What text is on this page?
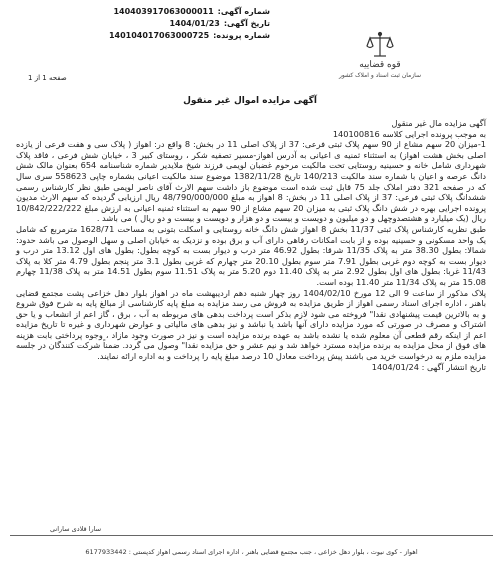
شماره آگهی:
140403917063000011
تاریخ آگهی:
1404/01/23
شماره پرونده:
140104017063000725
صفحه 1 از 1
قوه قضاییه
سازمان ثبت اسناد و املاک کشور
آگهی مزایده اموال غیر منقول

آگهی مزایده مال غیر منقول

به موجب پرونده اجرایی کلاسه 140100816

1-میزان 20 سهم مشاع از 90 سهم پلاک ثبتی فرعی: 37 از پلاک اصلی 11 در بخش: 8 واقع در: اهواز ( پلاک سی و هفت فرعی از یازده اصلی بخش هشت اهواز) به استثناء ثمنیه ی اعیانی به آدرس اهواز-مسیر تصفیه شکر ، روستای کبیر 3 ، خیابان شش فرعی ، فاقد پلاک شهرداری شامل خانه و حسینیه روستایی تحت مالکیت مرحوم غضبان لویمی فرزند شیخ ملایدیر شماره شناسنامه 654 بعنوان مالک شش دانگ عرصه و اعیان با شماره سند مالکیت 140/213 تاریخ 1382/11/28 موضوع سند مالکیت اعیانی بشماره چاپی 558623 سری سال که در صفحه 321 دفتر املاک جلد 75 قابل ثبت شده است موضوع باز داشت سهم الارث آقای ناصر لویمی طبق نظر کارشناس رسمی ششدانگ پلاک ثبتی فرعی: 37 از پلاک اصلی 11 در بخش: 8 اهواز به مبلغ 48/790/000/000 ریال ارزیابی گردیده که سهم الارث مدیون پرونده اجرایی بهره در شش دانگ پلاک ثبتی به میزان 20 سهم مشاع از 90 سهم به استثناء ثمنیه اعیانی به ارزش مبلغ 10/842/222/222 ریال (یک میلیارد و هشتصدوچهل و دو میلیون و دویست و بیست و دو هزار و دویست و بیست و دو ریال ) می باشد .

طبق نظریه کارشناس پلاک ثبتی 11/37 بخش 8 اهواز شش دانگ خانه روستایی و اسکلت بتونی به مساحت 1628/71 مترمربع که شامل یک واحد مسکونی و حسینیه بوده و از بابت امکانات رفاهی دارای آب و برق بوده و نزدیک به خیابان اصلی و سهل الوصول می باشد حدود: شمالا: بطول 38.30 متر به پلاک 11/35 شرقا: بطول 46.92 متر درب و دیوار بست به کوچه بطول: بطول های اول 13.12 متر درب و دیوار بست به کوچه دوم غربی بطول 7.91 متر سوم بطول 20.10 متر چهارم که غربی بطول 3.1 متر پنجم بطول 4.79 متر کلا به پلاک 11/43 غربا: بطول های اول بطول 2.92 متر به پلاک 11.40 دوم 5.20 متر به پلاک 11.51 سوم بطول 14.51 متر به پلاک 11/38 چهارم 15.08 متر به پلاک 11/34 متر 11.40 بوده است.

پلاک مذکور از ساعت 9 الی 12 مورخ 1404/02/10 روز چهار شنبه دهم اردیبهشت ماه در اهواز بلوار دهل خزاعی پشت مجتمع قضایی باهنر ، اداره اجرای اسناد رسمی اهواز از طریق مزایده به فروش می رسد مزایده به مبلغ پایه کارشناسی از مبالغ پایه به شرح فوق شروع و به بالاترین قیمت پیشنهادی نقدا" فروخته می شود لازم بذکر است پرداخت بدهی های مربوطه به آب ، برق ، گاز اعم از انشعاب و یا حق اشتراک و مصرف در صورتی که مورد مزایده دارای آنها باشد یا نباشد و نیز بدهی های مالیاتی و عوارض شهرداری و غیره تا تاریخ مزایده اعم از اینکه رقم قطعی آن معلوم شده یا نشده باشد به عهده برنده مزایده است و نیز در صورت وجود مازاد ، وجوه پرداختی بابت هزینه های فوق از محل مزایده به برنده مزایده مسترد خواهد شد و نیم عشر و حق مزایده نقدا" وصول می گردد. ضمناً شرکت کنندگان در جلسه مزایده ملزم به درخواست خرید می باشند پیش پرداخت معادل 10 درصد مبلغ پایه را پرداخت و به اداره ارائه نمایند.

تاریخ انتشار آگهی : 1404/01/24

سارا قلادی سارانی
اهواز - کوی نیوت ، بلوار دهل خزاعی ، جنب مجتمع قضایی باهنر ، اداره اجرای اسناد رسمی اهواز کدپستی : 6177933442
